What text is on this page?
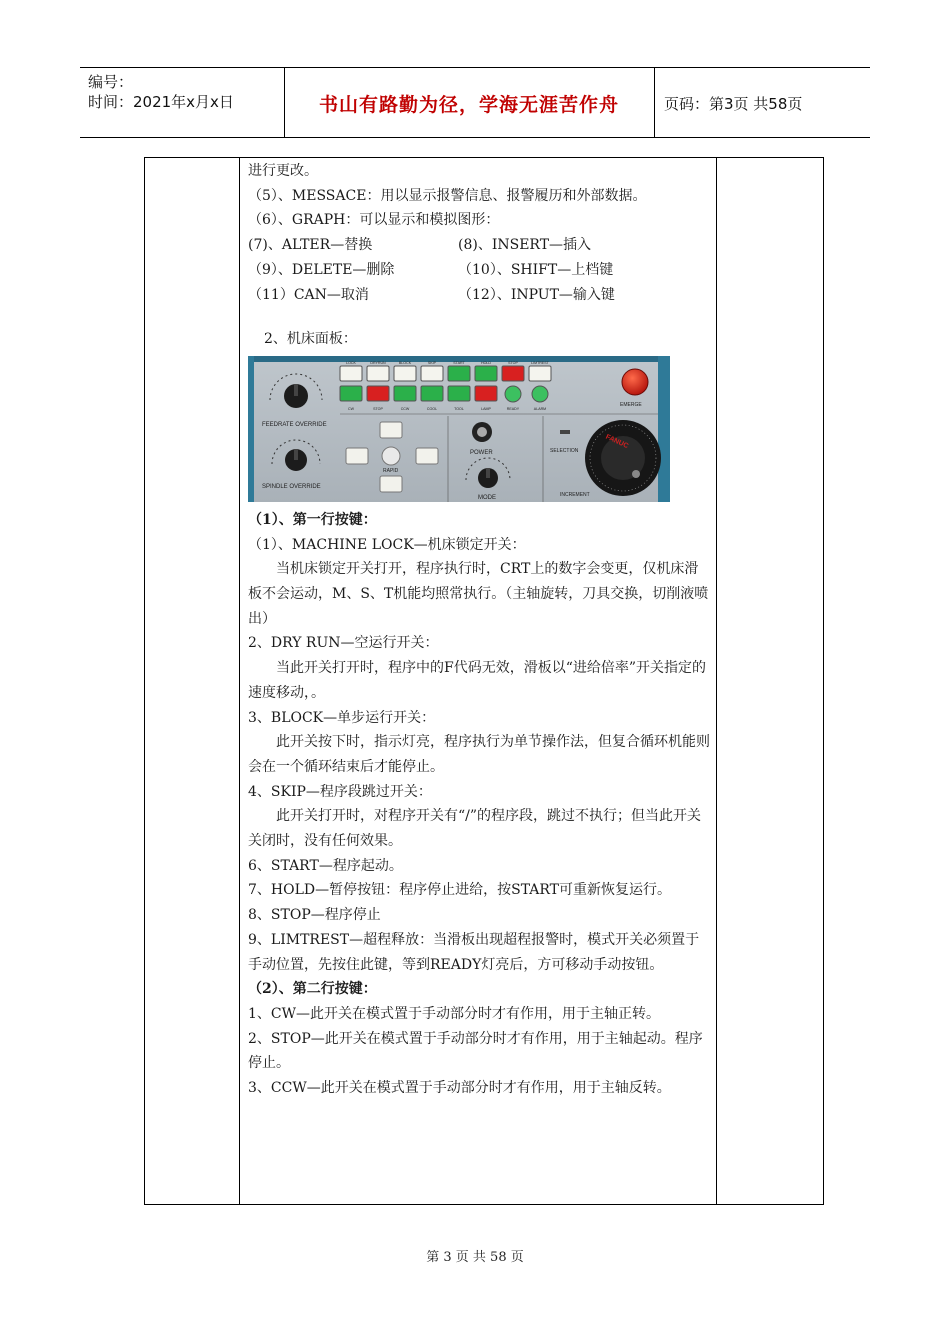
编号：
时间：2021年x月x日	书山有路勤为径，学海无涯苦作舟	页码：第3页 共58页

进行更改。

（5）、MESSACE：用以显示报警信息、报警履历和外部数据。

（6）、GRAPH：可以显示和模拟图形：

(7)、ALTER—替换	(8)、INSERT—插入

（9）、DELETE—删除	（10）、SHIFT—上档键

（11）CAN—取消	（12）、INPUT—输入键

2、机床面板：

LOCK	DRYRUN	BLOCK	SKIP	START	HOLD	STOP	LIMTREST
CW	STOP	CCW	COOL	TOOL	LAMP	READY	ALARM
FEEDRATE OVERRIDE
SPINDLE OVERRIDE
RAPID
POWER
MODE
SELECTION
INCREMENT
FANUC
EMERGE

（1）、第一行按键：

（1）、MACHINE LOCK—机床锁定开关：

当机床锁定开关打开，程序执行时，CRT上的数字会变更，仅机床滑板不会运动，M、S、T机能均照常执行。（主轴旋转，刀具交换，切削液喷出）

2、DRY RUN—空运行开关：

当此开关打开时，程序中的F代码无效，滑板以“进给倍率”开关指定的速度移动，。

3、BLOCK—单步运行开关：

此开关按下时，指示灯亮，程序执行为单节操作法，但复合循环机能则会在一个循环结束后才能停止。

4、SKIP—程序段跳过开关：

此开关打开时，对程序开关有“/”的程序段，跳过不执行；但当此开关关闭时，没有任何效果。

6、START—程序起动。

7、HOLD—暂停按钮：程序停止进给，按START可重新恢复运行。

8、STOP—程序停止

9、LIMTREST—超程释放：当滑板出现超程报警时，模式开关必须置于手动位置，先按住此键，等到READY灯亮后，方可移动手动按钮。

（2）、第二行按键：

1、CW—此开关在模式置于手动部分时才有作用，用于主轴正转。

2、STOP—此开关在模式置于手动部分时才有作用，用于主轴起动。程序停止。

3、CCW—此开关在模式置于手动部分时才有作用，用于主轴反转。

第 3 页 共 58 页
